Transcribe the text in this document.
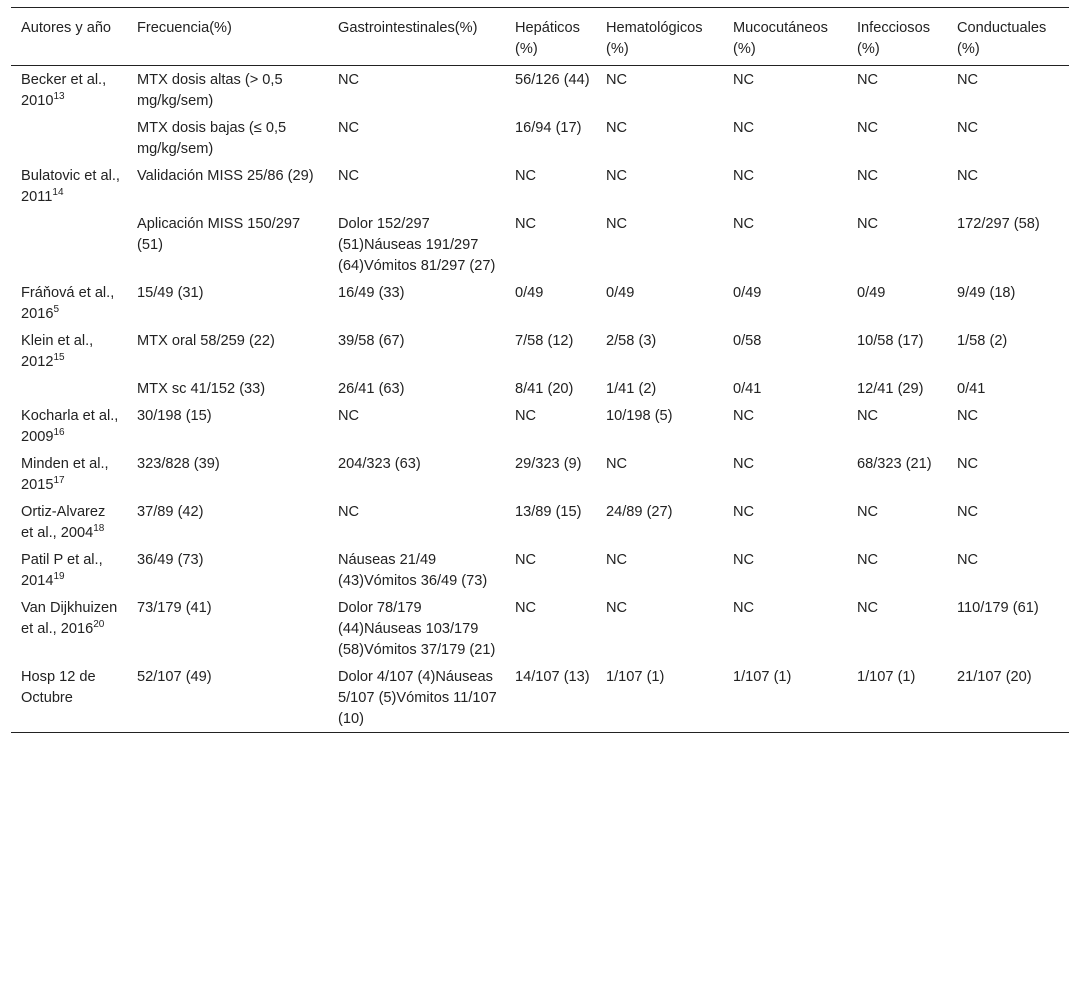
Autores y año	Frecuencia(%)	Gastrointestinales(%)	Hepáticos (%)	Hematológicos (%)	Mucocutáneos (%)	Infecciosos (%)	Conductuales (%)
Becker et al., 2010$^{13}$	MTX dosis altas (> 0,5 mg/kg/sem)	NC	56/126 (44)	NC	NC	NC	NC
	MTX dosis bajas (≤ 0,5 mg/kg/sem)	NC	16/94 (17)	NC	NC	NC	NC
Bulatovic et al., 2011$^{14}$	Validación MISS 25/86 (29)	NC	NC	NC	NC	NC	NC
	Aplicación MISS 150/297 (51)	Dolor 152/297 (51)Náuseas 191/297 (64)Vómitos 81/297 (27)	NC	NC	NC	NC	172/297 (58)
Fráňová et al., 2016$^5$	15/49 (31)	16/49 (33)	0/49	0/49	0/49	0/49	9/49 (18)
Klein et al., 2012$^{15}$	MTX oral 58/259 (22)	39/58 (67)	7/58 (12)	2/58 (3)	0/58	10/58 (17)	1/58 (2)
	MTX sc 41/152 (33)	26/41 (63)	8/41 (20)	1/41 (2)	0/41	12/41 (29)	0/41
Kocharla et al., 2009$^{16}$	30/198 (15)	NC	NC	10/198 (5)	NC	NC	NC
Minden et al., 2015$^{17}$	323/828 (39)	204/323 (63)	29/323 (9)	NC	NC	68/323 (21)	NC
Ortiz-Alvarez et al., 2004$^{18}$	37/89 (42)	NC	13/89 (15)	24/89 (27)	NC	NC	NC
Patil P et al., 2014$^{19}$	36/49 (73)	Náuseas 21/49 (43)Vómitos 36/49 (73)	NC	NC	NC	NC	NC
Van Dijkhuizen et al., 2016$^{20}$	73/179 (41)	Dolor 78/179 (44)Náuseas 103/179 (58)Vómitos 37/179 (21)	NC	NC	NC	NC	110/179 (61)
Hosp 12 de Octubre	52/107 (49)	Dolor 4/107 (4)Náuseas 5/107 (5)Vómitos 11/107 (10)	14/107 (13)	1/107 (1)	1/107 (1)	1/107 (1)	21/107 (20)
